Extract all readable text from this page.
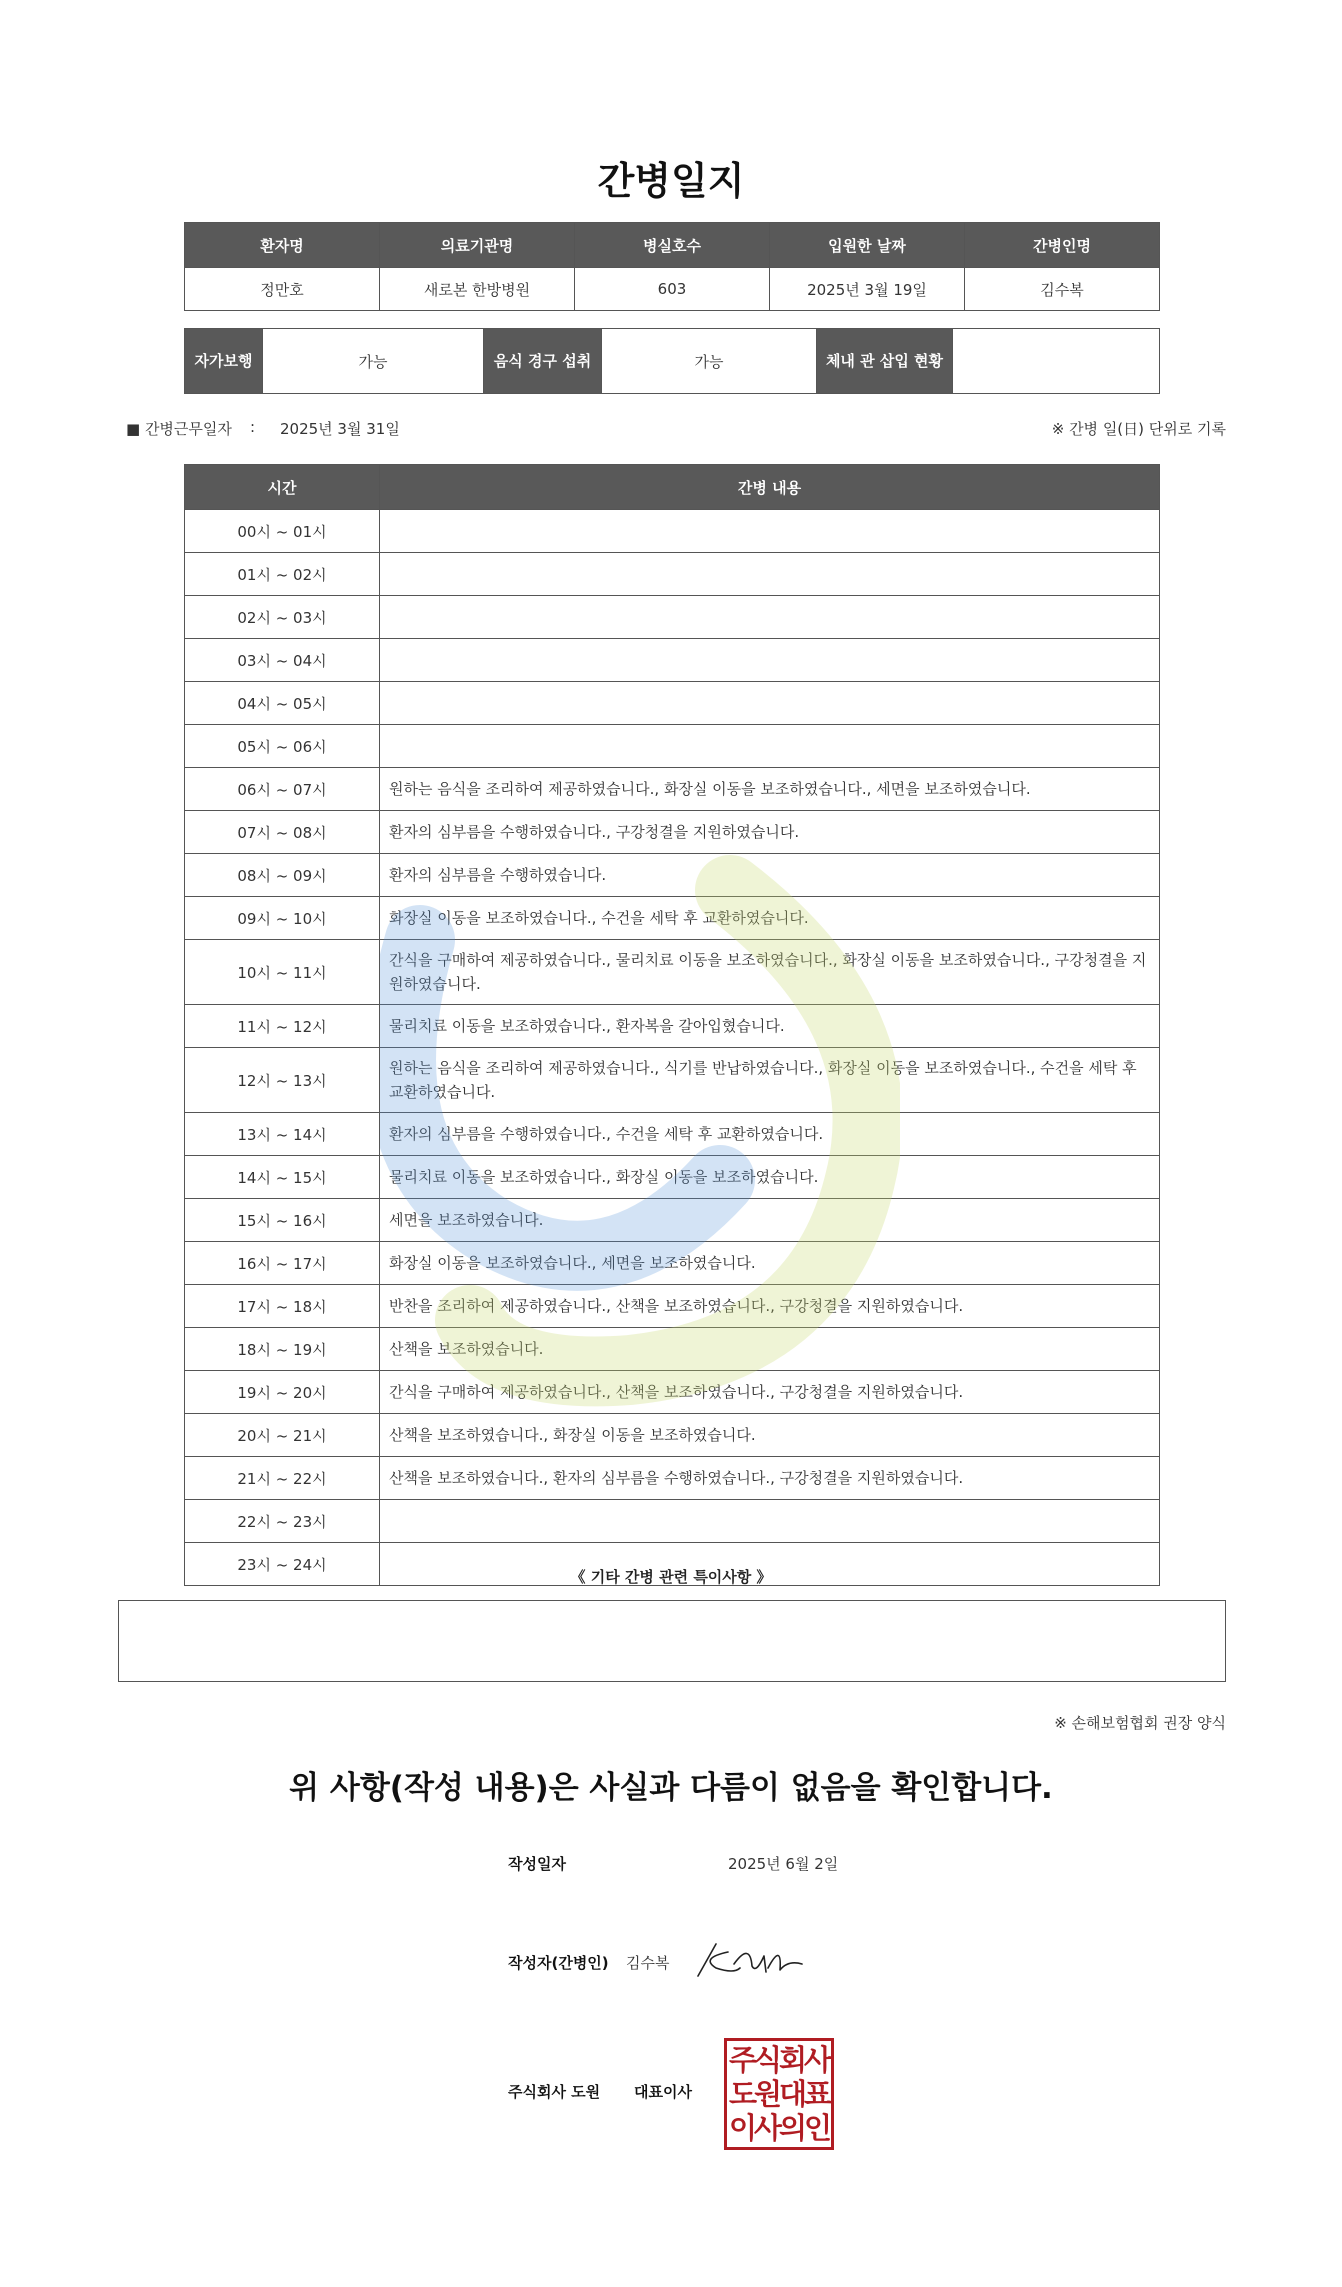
간병일지
환자명	의료기관명	병실호수	입원한 날짜	간병인명
정만호	새로본 한방병원	603	2025년 3월 19일	김수복
자가보행	가능	음식 경구 섭취	가능	체내 관 삽입 현황	
■ 간병근무일자 : 2025년 3월 31일	※ 간병 일(日) 단위로 기록
시간	간병 내용
00시 ~ 01시	
01시 ~ 02시	
02시 ~ 03시	
03시 ~ 04시	
04시 ~ 05시	
05시 ~ 06시	
06시 ~ 07시	원하는 음식을 조리하여 제공하였습니다., 화장실 이동을 보조하였습니다., 세면을 보조하였습니다.
07시 ~ 08시	환자의 심부름을 수행하였습니다., 구강청결을 지원하였습니다.
08시 ~ 09시	환자의 심부름을 수행하였습니다.
09시 ~ 10시	화장실 이동을 보조하였습니다., 수건을 세탁 후 교환하였습니다.
10시 ~ 11시	간식을 구매하여 제공하였습니다., 물리치료 이동을 보조하였습니다., 화장실 이동을 보조하였습니다., 구강청결을 지원하였습니다.
11시 ~ 12시	물리치료 이동을 보조하였습니다., 환자복을 갈아입혔습니다.
12시 ~ 13시	원하는 음식을 조리하여 제공하였습니다., 식기를 반납하였습니다., 화장실 이동을 보조하였습니다., 수건을 세탁 후 교환하였습니다.
13시 ~ 14시	환자의 심부름을 수행하였습니다., 수건을 세탁 후 교환하였습니다.
14시 ~ 15시	물리치료 이동을 보조하였습니다., 화장실 이동을 보조하였습니다.
15시 ~ 16시	세면을 보조하였습니다.
16시 ~ 17시	화장실 이동을 보조하였습니다., 세면을 보조하였습니다.
17시 ~ 18시	반찬을 조리하여 제공하였습니다., 산책을 보조하였습니다., 구강청결을 지원하였습니다.
18시 ~ 19시	산책을 보조하였습니다.
19시 ~ 20시	간식을 구매하여 제공하였습니다., 산책을 보조하였습니다., 구강청결을 지원하였습니다.
20시 ~ 21시	산책을 보조하였습니다., 화장실 이동을 보조하였습니다.
21시 ~ 22시	산책을 보조하였습니다., 환자의 심부름을 수행하였습니다., 구강청결을 지원하였습니다.
22시 ~ 23시	
23시 ~ 24시	
《 기타 간병 관련 특이사항 》
※ 손해보험협회 권장 양식
위 사항(작성 내용)은 사실과 다름이 없음을 확인합니다.
작성일자	2025년 6월 2일
작성자(간병인) 김수복
주식회사 도원 대표이사
주식회사
도원대표
이사의인
